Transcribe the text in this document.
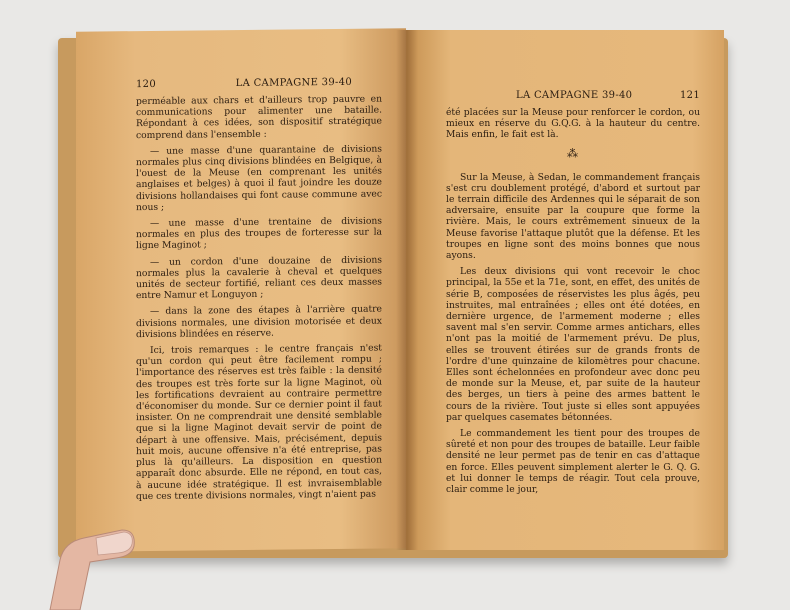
120	LA CAMPAGNE 39-40

perméable aux chars et d'ailleurs trop pauvre en communications pour alimenter une bataille. Répondant à ces idées, son dispositif stratégique comprend dans l'ensemble :

— une masse d'une quarantaine de divisions normales plus cinq divisions blindées en Belgique, à l'ouest de la Meuse (en comprenant les unités anglaises et belges) à quoi il faut joindre les douze divisions hollandaises qui font cause commune avec nous ;

— une masse d'une trentaine de divisions normales en plus des troupes de forteresse sur la ligne Maginot ;

— un cordon d'une douzaine de divisions normales plus la cavalerie à cheval et quelques unités de secteur fortifié, reliant ces deux masses entre Namur et Longuyon ;

— dans la zone des étapes à l'arrière quatre divisions normales, une division motorisée et deux divisions blindées en réserve.

Ici, trois remarques : le centre français n'est qu'un cordon qui peut être facilement rompu ; l'importance des réserves est très faible : la densité des troupes est très forte sur la ligne Maginot, où les fortifications devraient au contraire permettre d'économiser du monde. Sur ce dernier point il faut insister. On ne comprendrait une densité semblable que si la ligne Maginot devait servir de point de départ à une offensive. Mais, précisément, depuis huit mois, aucune offensive n'a été entreprise, pas plus là qu'ailleurs. La disposition en question apparaît donc absurde. Elle ne répond, en tout cas, à aucune idée stratégique. Il est invraisemblable que ces trente divisions normales, vingt n'aient pas

LA CAMPAGNE 39-40	121

été placées sur la Meuse pour renforcer le cordon, ou mieux en réserve du G.Q.G. à la hauteur du centre. Mais enfin, le fait est là.

⁂

Sur la Meuse, à Sedan, le commandement français s'est cru doublement protégé, d'abord et surtout par le terrain difficile des Ardennes qui le séparait de son adversaire, ensuite par la coupure que forme la rivière. Mais, le cours extrêmement sinueux de la Meuse favorise l'attaque plutôt que la défense. Et les troupes en ligne sont des moins bonnes que nous ayons.

Les deux divisions qui vont recevoir le choc principal, la 55e et la 71e, sont, en effet, des unités de série B, composées de réservistes les plus âgés, peu instruites, mal entraînées ; elles ont été dotées, en dernière urgence, de l'armement moderne ; elles savent mal s'en servir. Comme armes antichars, elles n'ont pas la moitié de l'armement prévu. De plus, elles se trouvent étirées sur de grands fronts de l'ordre d'une quinzaine de kilomètres pour chacune. Elles sont échelonnées en profondeur avec donc peu de monde sur la Meuse, et, par suite de la hauteur des berges, un tiers à peine des armes battent le cours de la rivière. Tout juste si elles sont appuyées par quelques casemates bétonnées.

Le commandement les tient pour des troupes de sûreté et non pour des troupes de bataille. Leur faible densité ne leur permet pas de tenir en cas d'attaque en force. Elles peuvent simplement alerter le G. Q. G. et lui donner le temps de réagir. Tout cela prouve, clair comme le jour,
